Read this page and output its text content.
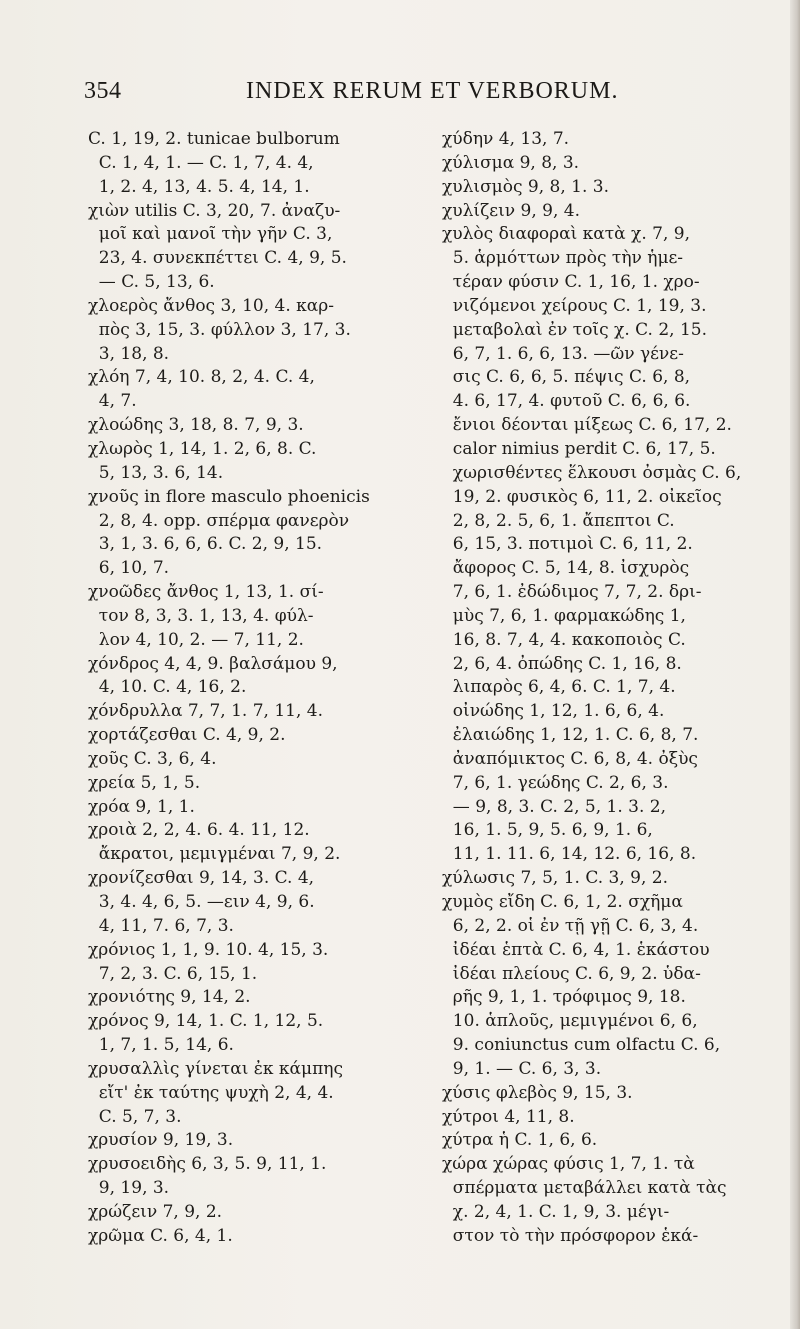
354	INDEX RERUM ET VERBORUM.
C. 1, 19, 2. tunicae bulborum
C. 1, 4, 1. — C. 1, 7, 4. 4,
1, 2. 4, 13, 4. 5. 4, 14, 1.
χιὼν utilis C. 3, 20, 7. ἀναζυ-
μοῖ καὶ μανοῖ τὴν γῆν C. 3,
23, 4. συνεκπέττει C. 4, 9, 5.
— C. 5, 13, 6.
χλοερὸς ἄνθος 3, 10, 4. καρ-
πὸς 3, 15, 3. φύλλον 3, 17, 3.
3, 18, 8.
χλόη 7, 4, 10. 8, 2, 4. C. 4,
4, 7.
χλοώδης 3, 18, 8. 7, 9, 3.
χλωρὸς 1, 14, 1. 2, 6, 8. C.
5, 13, 3. 6, 14.
χνοῦς in flore masculo phoenicis
2, 8, 4. opp. σπέρμα φανερὸν
3, 1, 3. 6, 6, 6. C. 2, 9, 15.
6, 10, 7.
χνοῶδες ἄνθος 1, 13, 1. σί-
τον 8, 3, 3. 1, 13, 4. φύλ-
λον 4, 10, 2. — 7, 11, 2.
χόνδρος 4, 4, 9. βαλσάμου 9,
4, 10. C. 4, 16, 2.
χόνδρυλλα 7, 7, 1. 7, 11, 4.
χορτάζεσθαι C. 4, 9, 2.
χοῦς C. 3, 6, 4.
χρεία 5, 1, 5.
χρόα 9, 1, 1.
χροιὰ 2, 2, 4. 6. 4. 11, 12.
ἄκρατοι, μεμιγμέναι 7, 9, 2.
χρονίζεσθαι 9, 14, 3. C. 4,
3, 4. 4, 6, 5. —ειν 4, 9, 6.
4, 11, 7. 6, 7, 3.
χρόνιος 1, 1, 9. 10. 4, 15, 3.
7, 2, 3. C. 6, 15, 1.
χρονιότης 9, 14, 2.
χρόνος 9, 14, 1. C. 1, 12, 5.
1, 7, 1. 5, 14, 6.
χρυσαλλὶς γίνεται ἐκ κάμπης
εἴτ' ἐκ ταύτης ψυχὴ 2, 4, 4.
C. 5, 7, 3.
χρυσίον 9, 19, 3.
χρυσοειδὴς 6, 3, 5. 9, 11, 1.
9, 19, 3.
χρώζειν 7, 9, 2.
χρῶμα C. 6, 4, 1.
χύδην 4, 13, 7.
χύλισμα 9, 8, 3.
χυλισμὸς 9, 8, 1. 3.
χυλίζειν 9, 9, 4.
χυλὸς διαφοραὶ κατὰ χ. 7, 9,
5. ἁρμόττων πρὸς τὴν ἡμε-
τέραν φύσιν C. 1, 16, 1. χρο-
νιζόμενοι χείρους C. 1, 19, 3.
μεταβολαὶ ἐν τοῖς χ. C. 2, 15.
6, 7, 1. 6, 6, 13. —ῶν γένε-
σις C. 6, 6, 5. πέψις C. 6, 8,
4. 6, 17, 4. φυτοῦ C. 6, 6, 6.
ἔνιοι δέονται μίξεως C. 6, 17, 2.
calor nimius perdit C. 6, 17, 5.
χωρισθέντες ἕλκουσι ὀσμὰς C. 6,
19, 2. φυσικὸς 6, 11, 2. οἰκεῖος
2, 8, 2. 5, 6, 1. ἄπεπτοι C.
6, 15, 3. ποτιμοὶ C. 6, 11, 2.
ἄφορος C. 5, 14, 8. ἰσχυρὸς
7, 6, 1. ἐδώδιμος 7, 7, 2. δρι-
μὺς 7, 6, 1. φαρμακώδης 1,
16, 8. 7, 4, 4. κακοποιὸς C.
2, 6, 4. ὀπώδης C. 1, 16, 8.
λιπαρὸς 6, 4, 6. C. 1, 7, 4.
οἰνώδης 1, 12, 1. 6, 6, 4.
ἐλαιώδης 1, 12, 1. C. 6, 8, 7.
ἀναπόμικτος C. 6, 8, 4. ὀξὺς
7, 6, 1. γεώδης C. 2, 6, 3.
— 9, 8, 3. C. 2, 5, 1. 3. 2,
16, 1. 5, 9, 5. 6, 9, 1. 6,
11, 1. 11. 6, 14, 12. 6, 16, 8.
χύλωσις 7, 5, 1. C. 3, 9, 2.
χυμὸς εἴδη C. 6, 1, 2. σχῆμα
6, 2, 2. οἱ ἐν τῇ γῇ C. 6, 3, 4.
ἰδέαι ἑπτὰ C. 6, 4, 1. ἑκάστου
ἰδέαι πλείους C. 6, 9, 2. ὑδα-
ρῆς 9, 1, 1. τρόφιμος 9, 18.
10. ἁπλοῦς, μεμιγμένοι 6, 6,
9. coniunctus cum olfactu C. 6,
9, 1. — C. 6, 3, 3.
χύσις φλεβὸς 9, 15, 3.
χύτροι 4, 11, 8.
χύτρα ἡ C. 1, 6, 6.
χώρα χώρας φύσις 1, 7, 1. τὰ
σπέρματα μεταβάλλει κατὰ τὰς
χ. 2, 4, 1. C. 1, 9, 3. μέγι-
στον τὸ τὴν πρόσφορον ἑκά-
